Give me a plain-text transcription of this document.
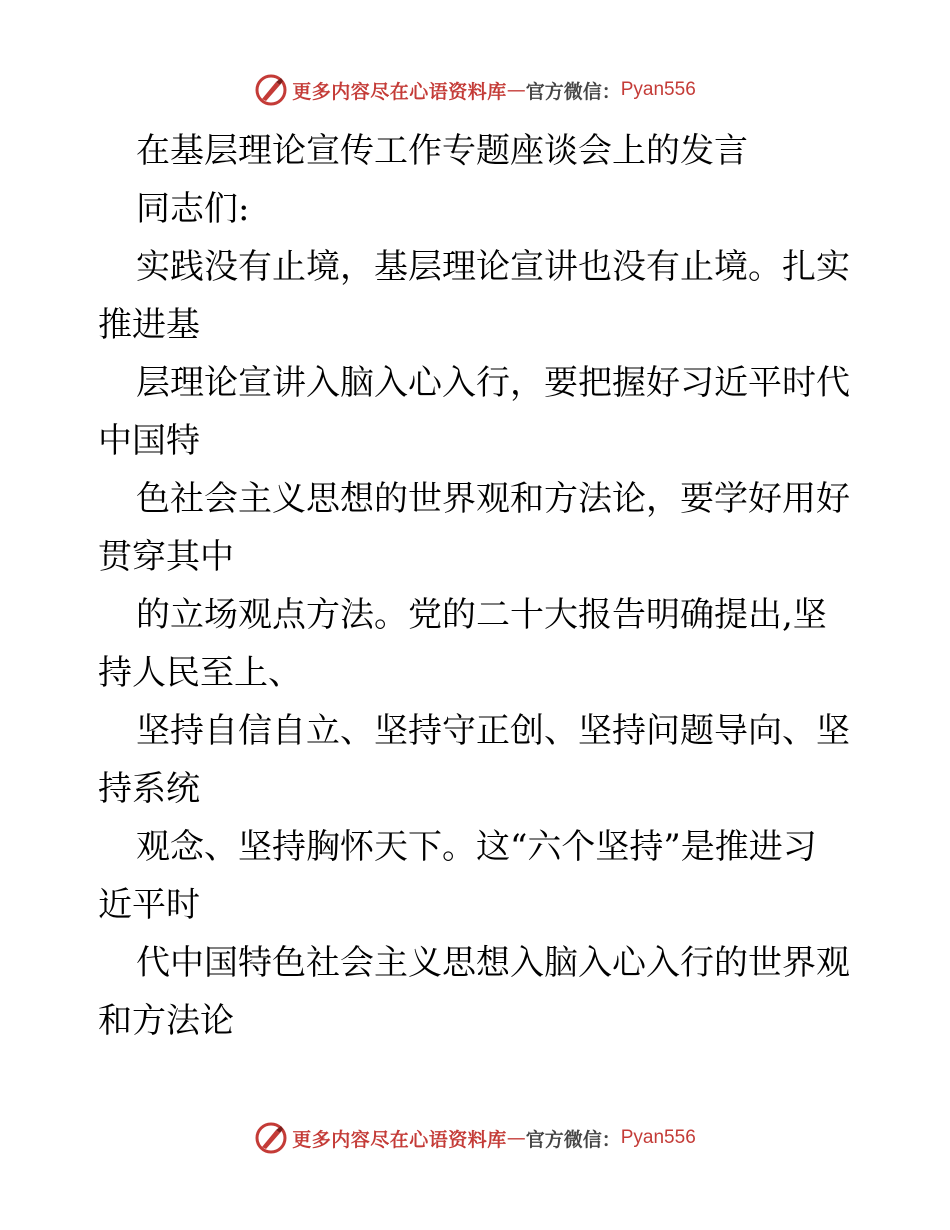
更多内容尽在心语资料库 — 官方微信： Pyan556
在基层理论宣传工作专题座谈会上的发言
同志们:
实践没有止境，基层理论宣讲也没有止境。扎实
推进基
层理论宣讲入脑入心入行，要把握好习近平时代
中国特
色社会主义思想的世界观和方法论，要学好用好
贯穿其中
的立场观点方法。党的二十大报告明确提出,坚
持人民至上、
坚持自信自立、坚持守正创、坚持问题导向、坚
持系统
观念、坚持胸怀天下。这“六个坚持”是推进习
近平时
代中国特色社会主义思想入脑入心入行的世界观
和方法论
更多内容尽在心语资料库 — 官方微信： Pyan556
